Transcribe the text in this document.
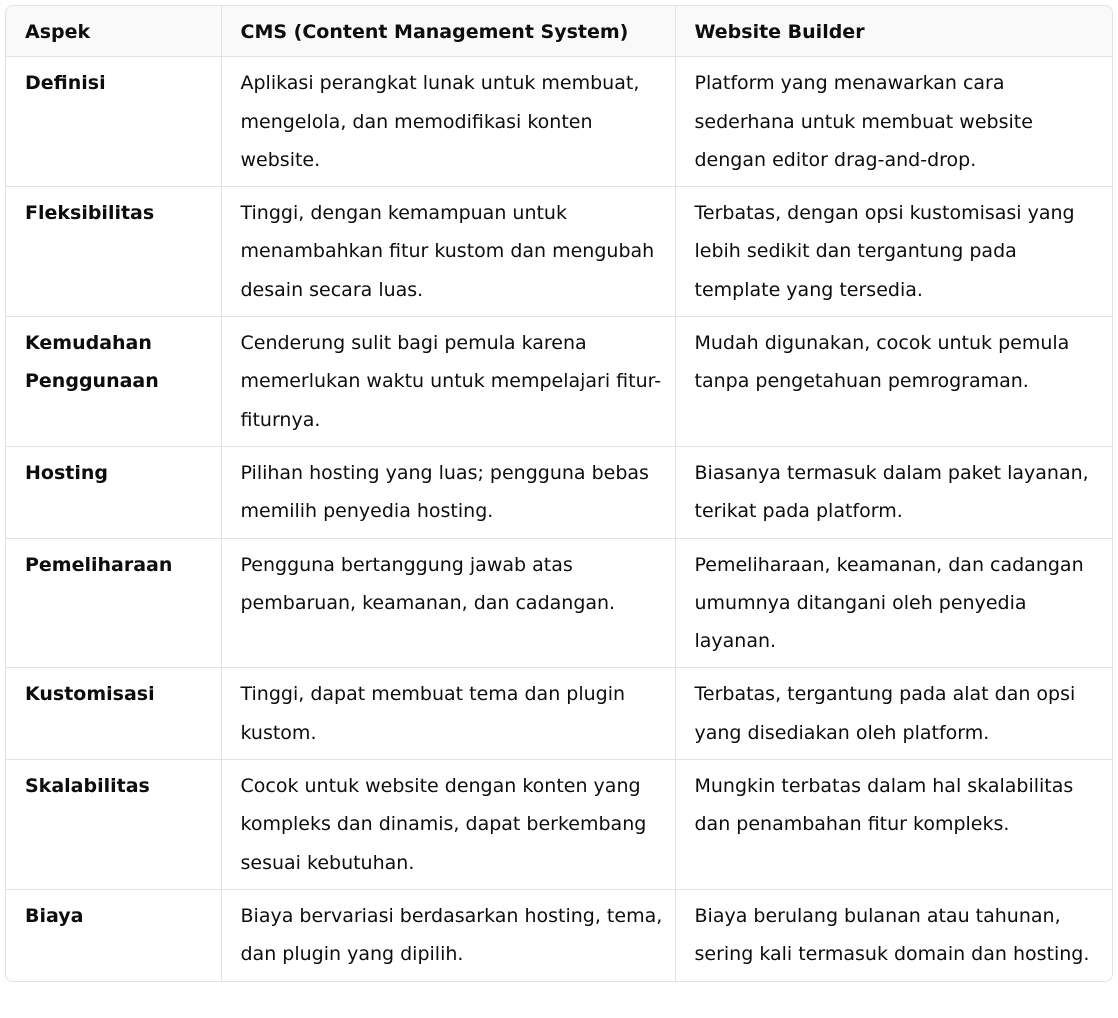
Aspek	CMS (Content Management System)	Website Builder
Definisi	Aplikasi perangkat lunak untuk membuat, mengelola, dan memodifikasi konten website.	Platform yang menawarkan cara sederhana untuk membuat website dengan editor drag-and-drop.
Fleksibilitas	Tinggi, dengan kemampuan untuk menambahkan fitur kustom dan mengubah desain secara luas.	Terbatas, dengan opsi kustomisasi yang lebih sedikit dan tergantung pada template yang tersedia.
Kemudahan Penggunaan	Cenderung sulit bagi pemula karena memerlukan waktu untuk mempelajari fitur-fiturnya.	Mudah digunakan, cocok untuk pemula tanpa pengetahuan pemrograman.
Hosting	Pilihan hosting yang luas; pengguna bebas memilih penyedia hosting.	Biasanya termasuk dalam paket layanan, terikat pada platform.
Pemeliharaan	Pengguna bertanggung jawab atas pembaruan, keamanan, dan cadangan.	Pemeliharaan, keamanan, dan cadangan umumnya ditangani oleh penyedia layanan.
Kustomisasi	Tinggi, dapat membuat tema dan plugin kustom.	Terbatas, tergantung pada alat dan opsi yang disediakan oleh platform.
Skalabilitas	Cocok untuk website dengan konten yang kompleks dan dinamis, dapat berkembang sesuai kebutuhan.	Mungkin terbatas dalam hal skalabilitas dan penambahan fitur kompleks.
Biaya	Biaya bervariasi berdasarkan hosting, tema, dan plugin yang dipilih.	Biaya berulang bulanan atau tahunan, sering kali termasuk domain dan hosting.
